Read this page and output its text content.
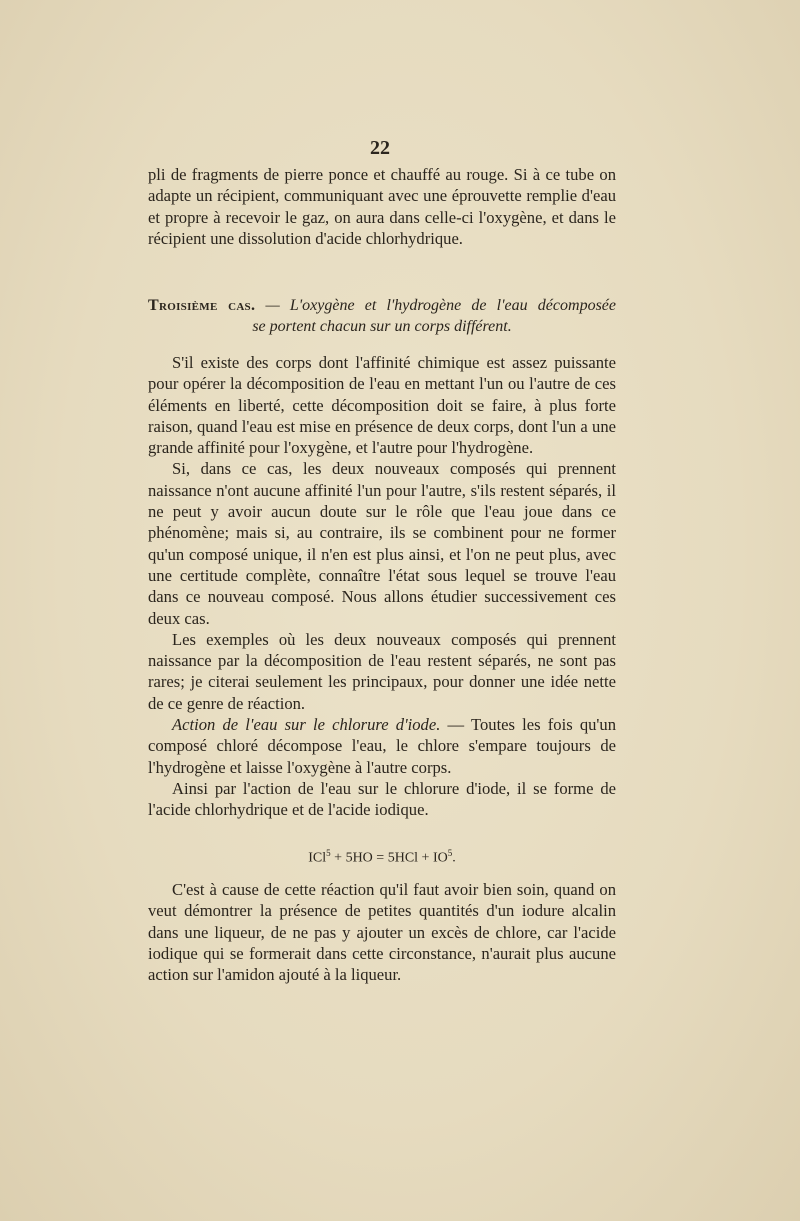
22

pli de fragments de pierre ponce et chauffé au rouge. Si à ce tube on adapte un récipient, communiquant avec une éprouvette remplie d'eau et propre à recevoir le gaz, on aura dans celle-ci l'oxygène, et dans le récipient une dissolution d'acide chlorhydrique.

Troisième cas. — L'oxygène et l'hydrogène de l'eau décomposée
se portent chacun sur un corps différent.

S'il existe des corps dont l'affinité chimique est assez puissante pour opérer la décomposition de l'eau en mettant l'un ou l'autre de ces éléments en liberté, cette décomposition doit se faire, à plus forte raison, quand l'eau est mise en présence de deux corps, dont l'un a une grande affinité pour l'oxygène, et l'autre pour l'hydrogène.

Si, dans ce cas, les deux nouveaux composés qui prennent naissance n'ont aucune affinité l'un pour l'autre, s'ils restent séparés, il ne peut y avoir aucun doute sur le rôle que l'eau joue dans ce phénomène; mais si, au contraire, ils se combinent pour ne former qu'un composé unique, il n'en est plus ainsi, et l'on ne peut plus, avec une certitude complète, connaître l'état sous lequel se trouve l'eau dans ce nouveau composé. Nous allons étudier successivement ces deux cas.

Les exemples où les deux nouveaux composés qui prennent naissance par la décomposition de l'eau restent séparés, ne sont pas rares; je citerai seulement les principaux, pour donner une idée nette de ce genre de réaction.

Action de l'eau sur le chlorure d'iode. — Toutes les fois qu'un composé chloré décompose l'eau, le chlore s'empare toujours de l'hydrogène et laisse l'oxygène à l'autre corps.

Ainsi par l'action de l'eau sur le chlorure d'iode, il se forme de l'acide chlorhydrique et de l'acide iodique.

$ICl^5 + 5HO = 5HCl + IO^5$.

C'est à cause de cette réaction qu'il faut avoir bien soin, quand on veut démontrer la présence de petites quantités d'un iodure alcalin dans une liqueur, de ne pas y ajouter un excès de chlore, car l'acide iodique qui se formerait dans cette circonstance, n'aurait plus aucune action sur l'amidon ajouté à la liqueur.
